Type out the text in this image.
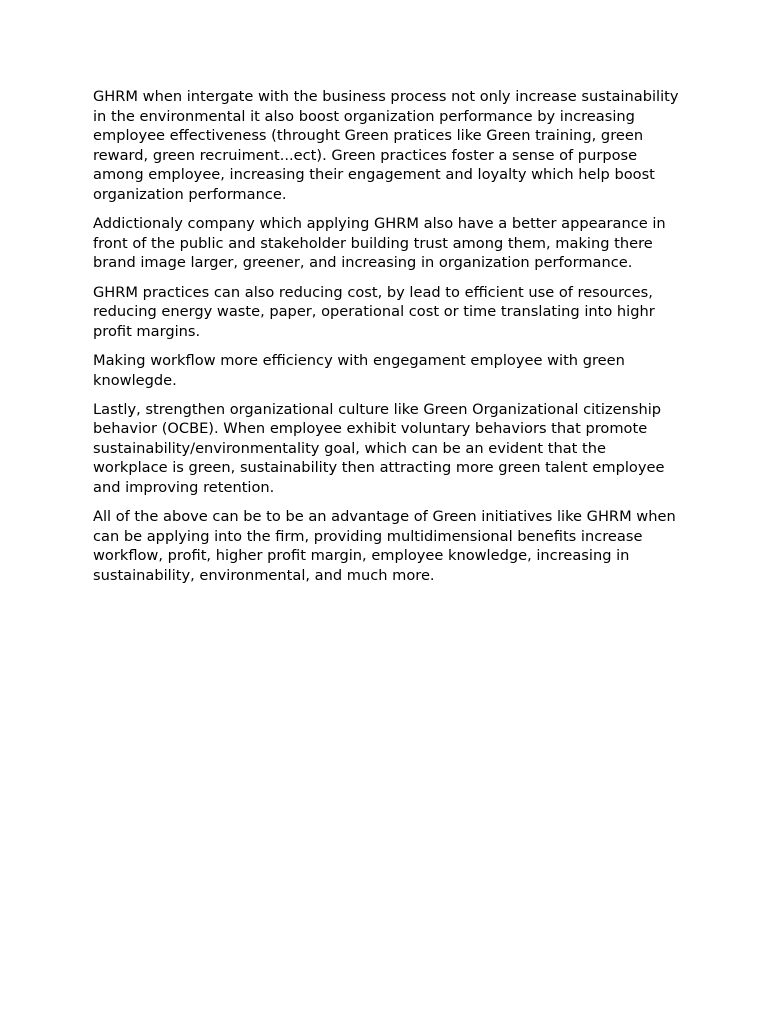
GHRM when intergate with the business process not only increase sustainability in the environmental it also boost organization performance by increasing employee effectiveness (throught Green pratices like Green training, green reward, green recruiment...ect). Green practices foster a sense of purpose among employee, increasing their engagement and loyalty which help boost organization performance.

Addictionaly company which applying GHRM also have a better appearance in front of the public and stakeholder building trust among them, making there brand image larger, greener, and increasing in organization performance.

GHRM practices can also reducing cost, by lead to efficient use of resources, reducing energy waste, paper, operational cost or time translating into highr profit margins.

Making workflow more efficiency with engegament employee with green knowlegde.

Lastly, strengthen organizational culture like Green Organizational citizenship behavior (OCBE). When employee exhibit voluntary behaviors that promote sustainability/environmentality goal, which can be an evident that the workplace is green, sustainability then attracting more green talent employee and improving retention.

All of the above can be to be an advantage of Green initiatives like GHRM when can be applying into the firm, providing multidimensional benefits increase workflow, profit, higher profit margin, employee knowledge, increasing in sustainability, environmental, and much more.
